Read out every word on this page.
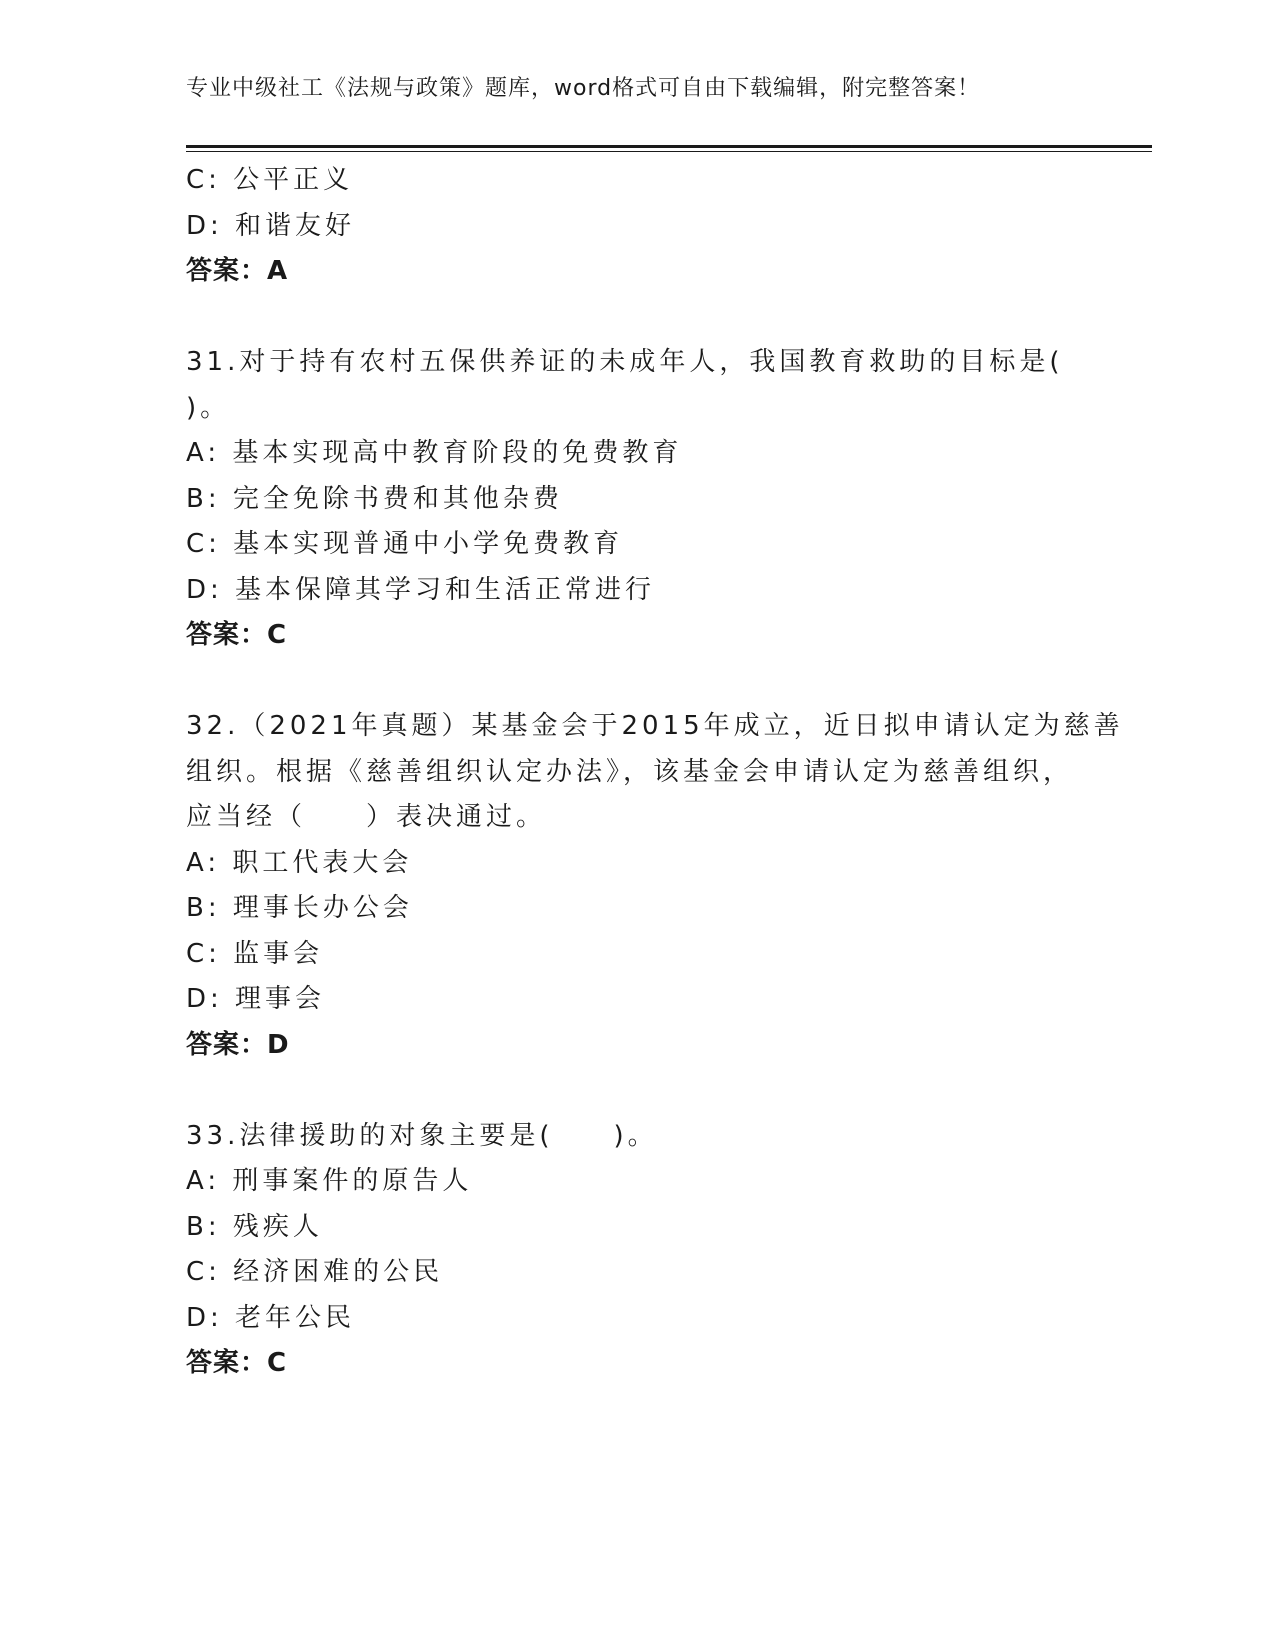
专业中级社工《法规与政策》题库，word格式可自由下载编辑，附完整答案！
C: 公平正义
D: 和谐友好
答案：A
31.对于持有农村五保供养证的未成年人，我国教育救助的目标是(
)。
A: 基本实现高中教育阶段的免费教育
B: 完全免除书费和其他杂费
C: 基本实现普通中小学免费教育
D: 基本保障其学习和生活正常进行
答案：C
32.（2021年真题）某基金会于2015年成立，近日拟申请认定为慈善
组织。根据《慈善组织认定办法》，该基金会申请认定为慈善组织，
应当经（　　）表决通过。
A: 职工代表大会
B: 理事长办公会
C: 监事会
D: 理事会
答案：D
33.法律援助的对象主要是(　　)。
A: 刑事案件的原告人
B: 残疾人
C: 经济困难的公民
D: 老年公民
答案：C
